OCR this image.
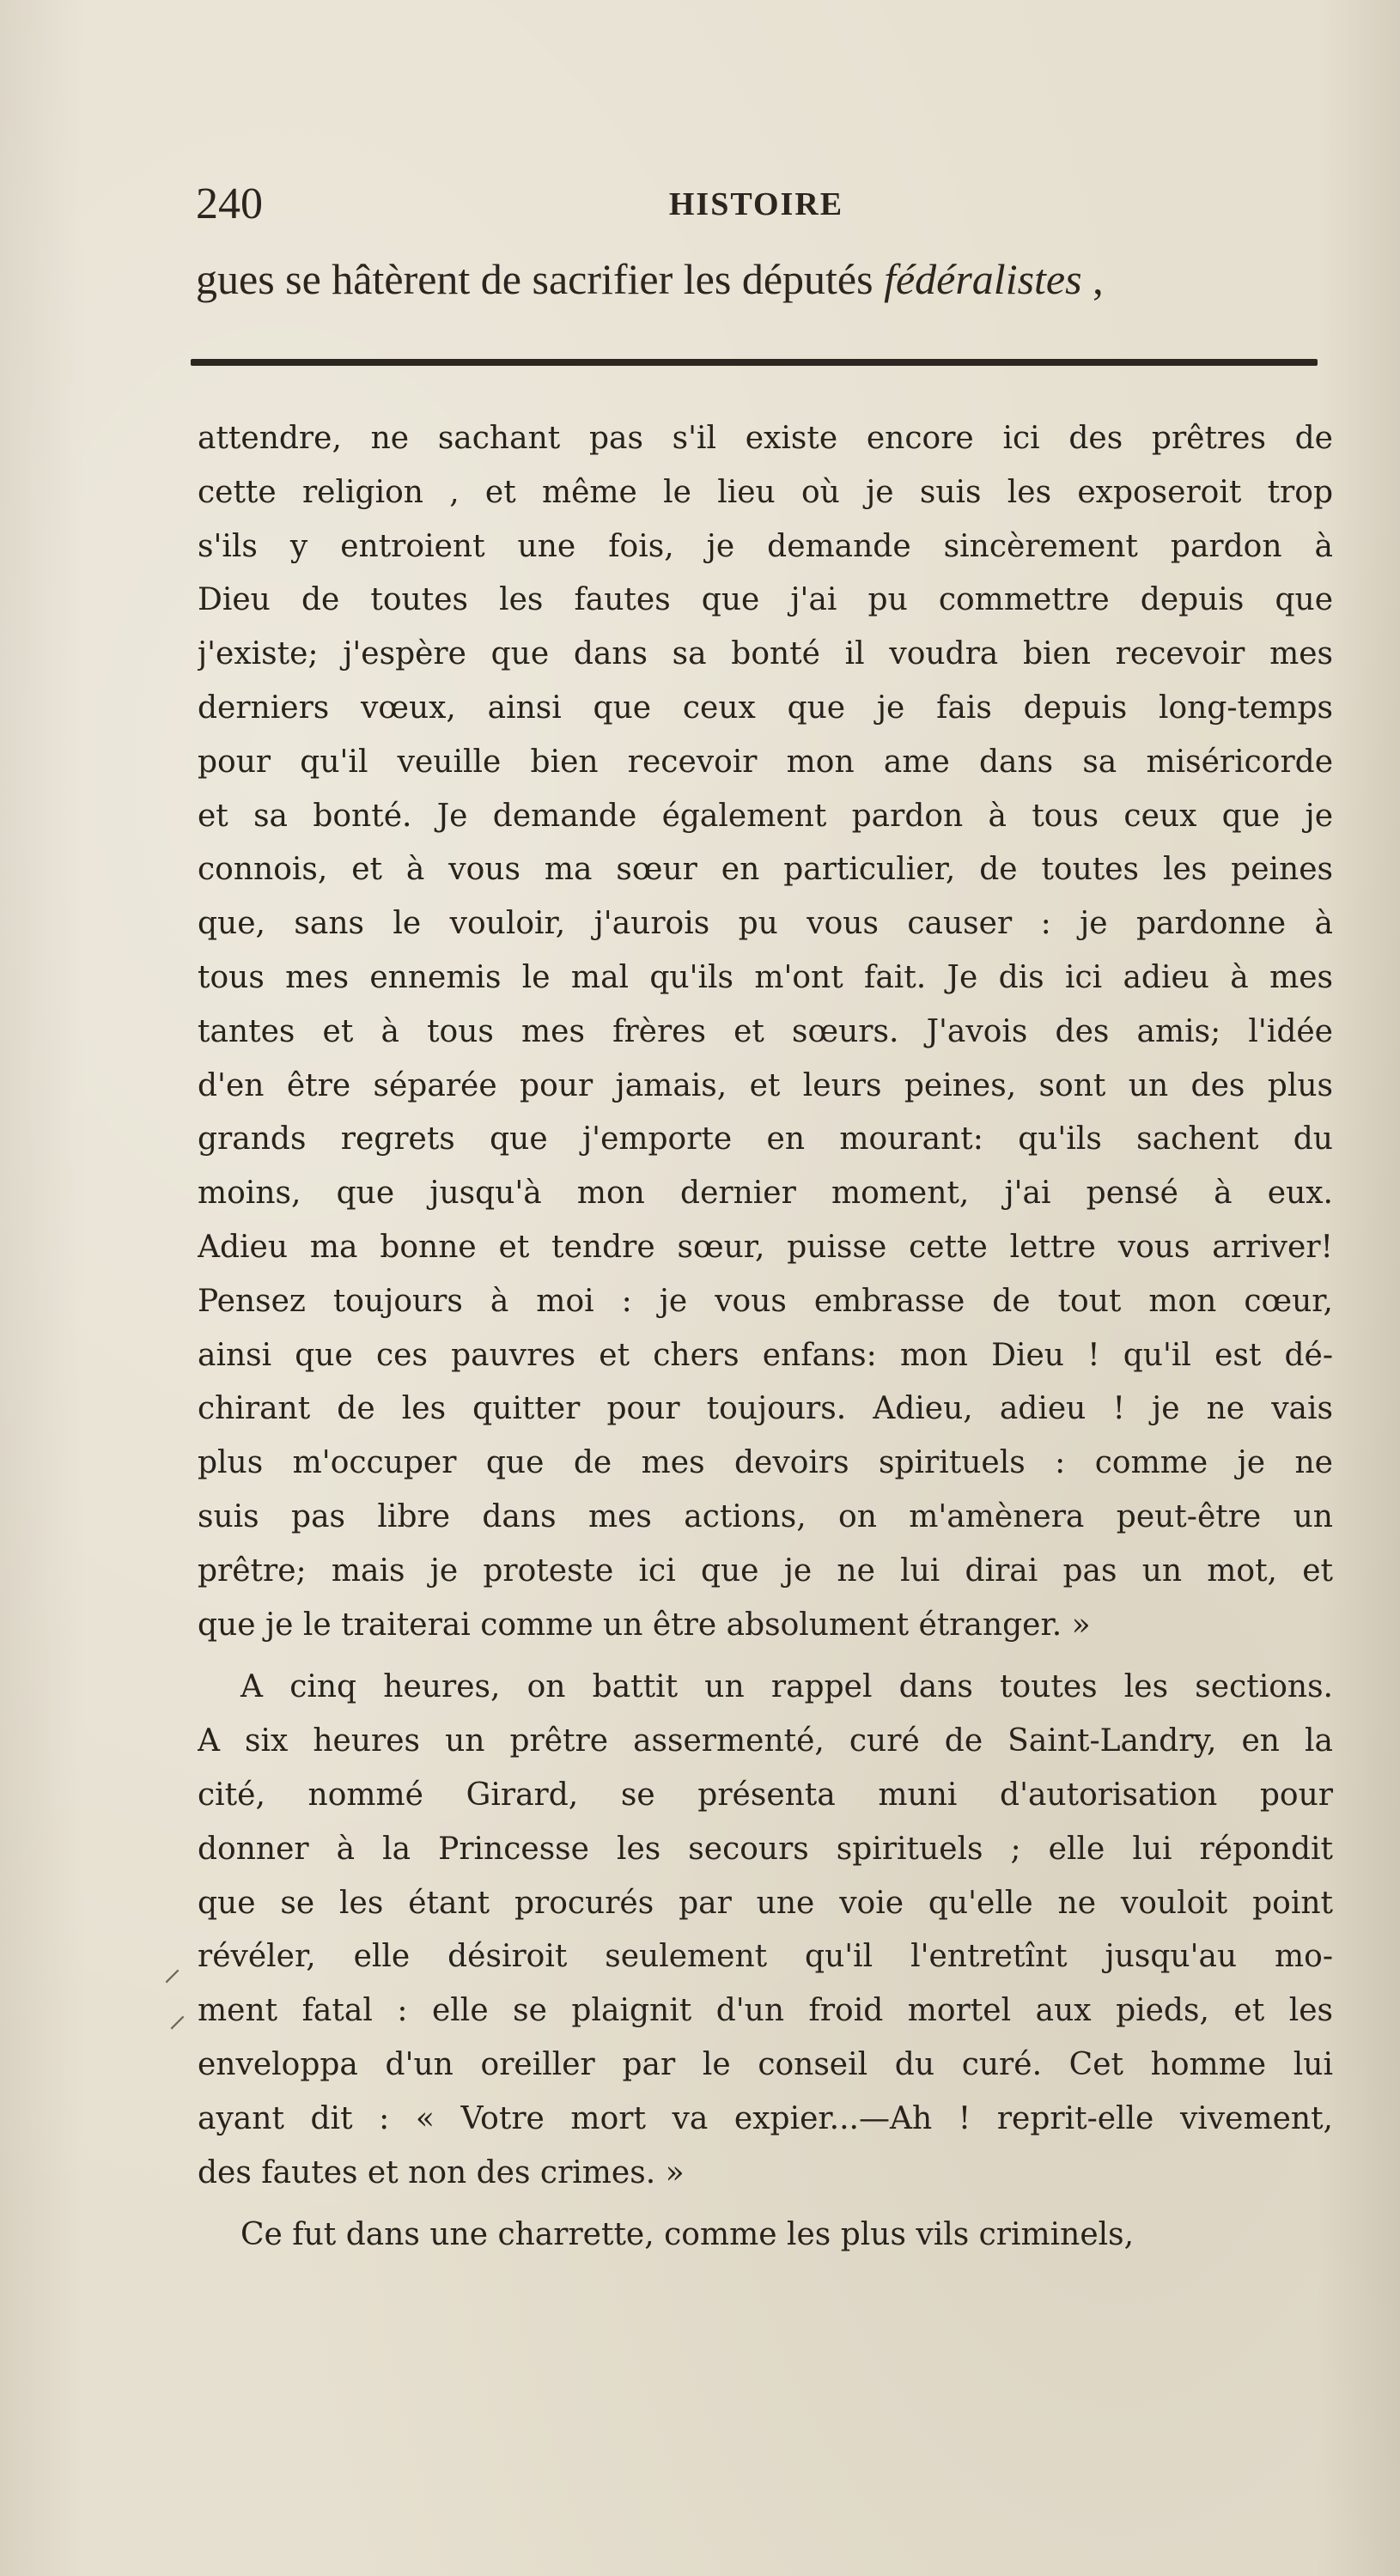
240	HISTOIRE
gues se hâtèrent de sacrifier les députés fédéralistes ,
attendre, ne sachant pas s'il existe encore ici des prêtres de
cette religion , et même le lieu où je suis les exposeroit trop
s'ils y entroient une fois, je demande sincèrement pardon à
Dieu de toutes les fautes que j'ai pu commettre depuis que
j'existe; j'espère que dans sa bonté il voudra bien recevoir mes
derniers vœux, ainsi que ceux que je fais depuis long-temps
pour qu'il veuille bien recevoir mon ame dans sa miséricorde
et sa bonté. Je demande également pardon à tous ceux que je
connois, et à vous ma sœur en particulier, de toutes les peines
que, sans le vouloir, j'aurois pu vous causer : je pardonne à
tous mes ennemis le mal qu'ils m'ont fait. Je dis ici adieu à mes
tantes et à tous mes frères et sœurs. J'avois des amis; l'idée
d'en être séparée pour jamais, et leurs peines, sont un des plus
grands regrets que j'emporte en mourant: qu'ils sachent du
moins, que jusqu'à mon dernier moment, j'ai pensé à eux.
Adieu ma bonne et tendre sœur, puisse cette lettre vous arriver!
Pensez toujours à moi : je vous embrasse de tout mon cœur,
ainsi que ces pauvres et chers enfans: mon Dieu ! qu'il est dé-
chirant de les quitter pour toujours. Adieu, adieu ! je ne vais
plus m'occuper que de mes devoirs spirituels : comme je ne
suis pas libre dans mes actions, on m'amènera peut-être un
prêtre; mais je proteste ici que je ne lui dirai pas un mot, et
que je le traiterai comme un être absolument étranger. »
A cinq heures, on battit un rappel dans toutes les sections.
A six heures un prêtre assermenté, curé de Saint-Landry, en la
cité, nommé Girard, se présenta muni d'autorisation pour
donner à la Princesse les secours spirituels ; elle lui répondit
que se les étant procurés par une voie qu'elle ne vouloit point
révéler, elle désiroit seulement qu'il l'entretînt jusqu'au mo-
ment fatal : elle se plaignit d'un froid mortel aux pieds, et les
enveloppa d'un oreiller par le conseil du curé. Cet homme lui
ayant dit : « Votre mort va expier...—Ah ! reprit-elle vivement,
des fautes et non des crimes. »
Ce fut dans une charrette, comme les plus vils criminels,
⸝
⸝
